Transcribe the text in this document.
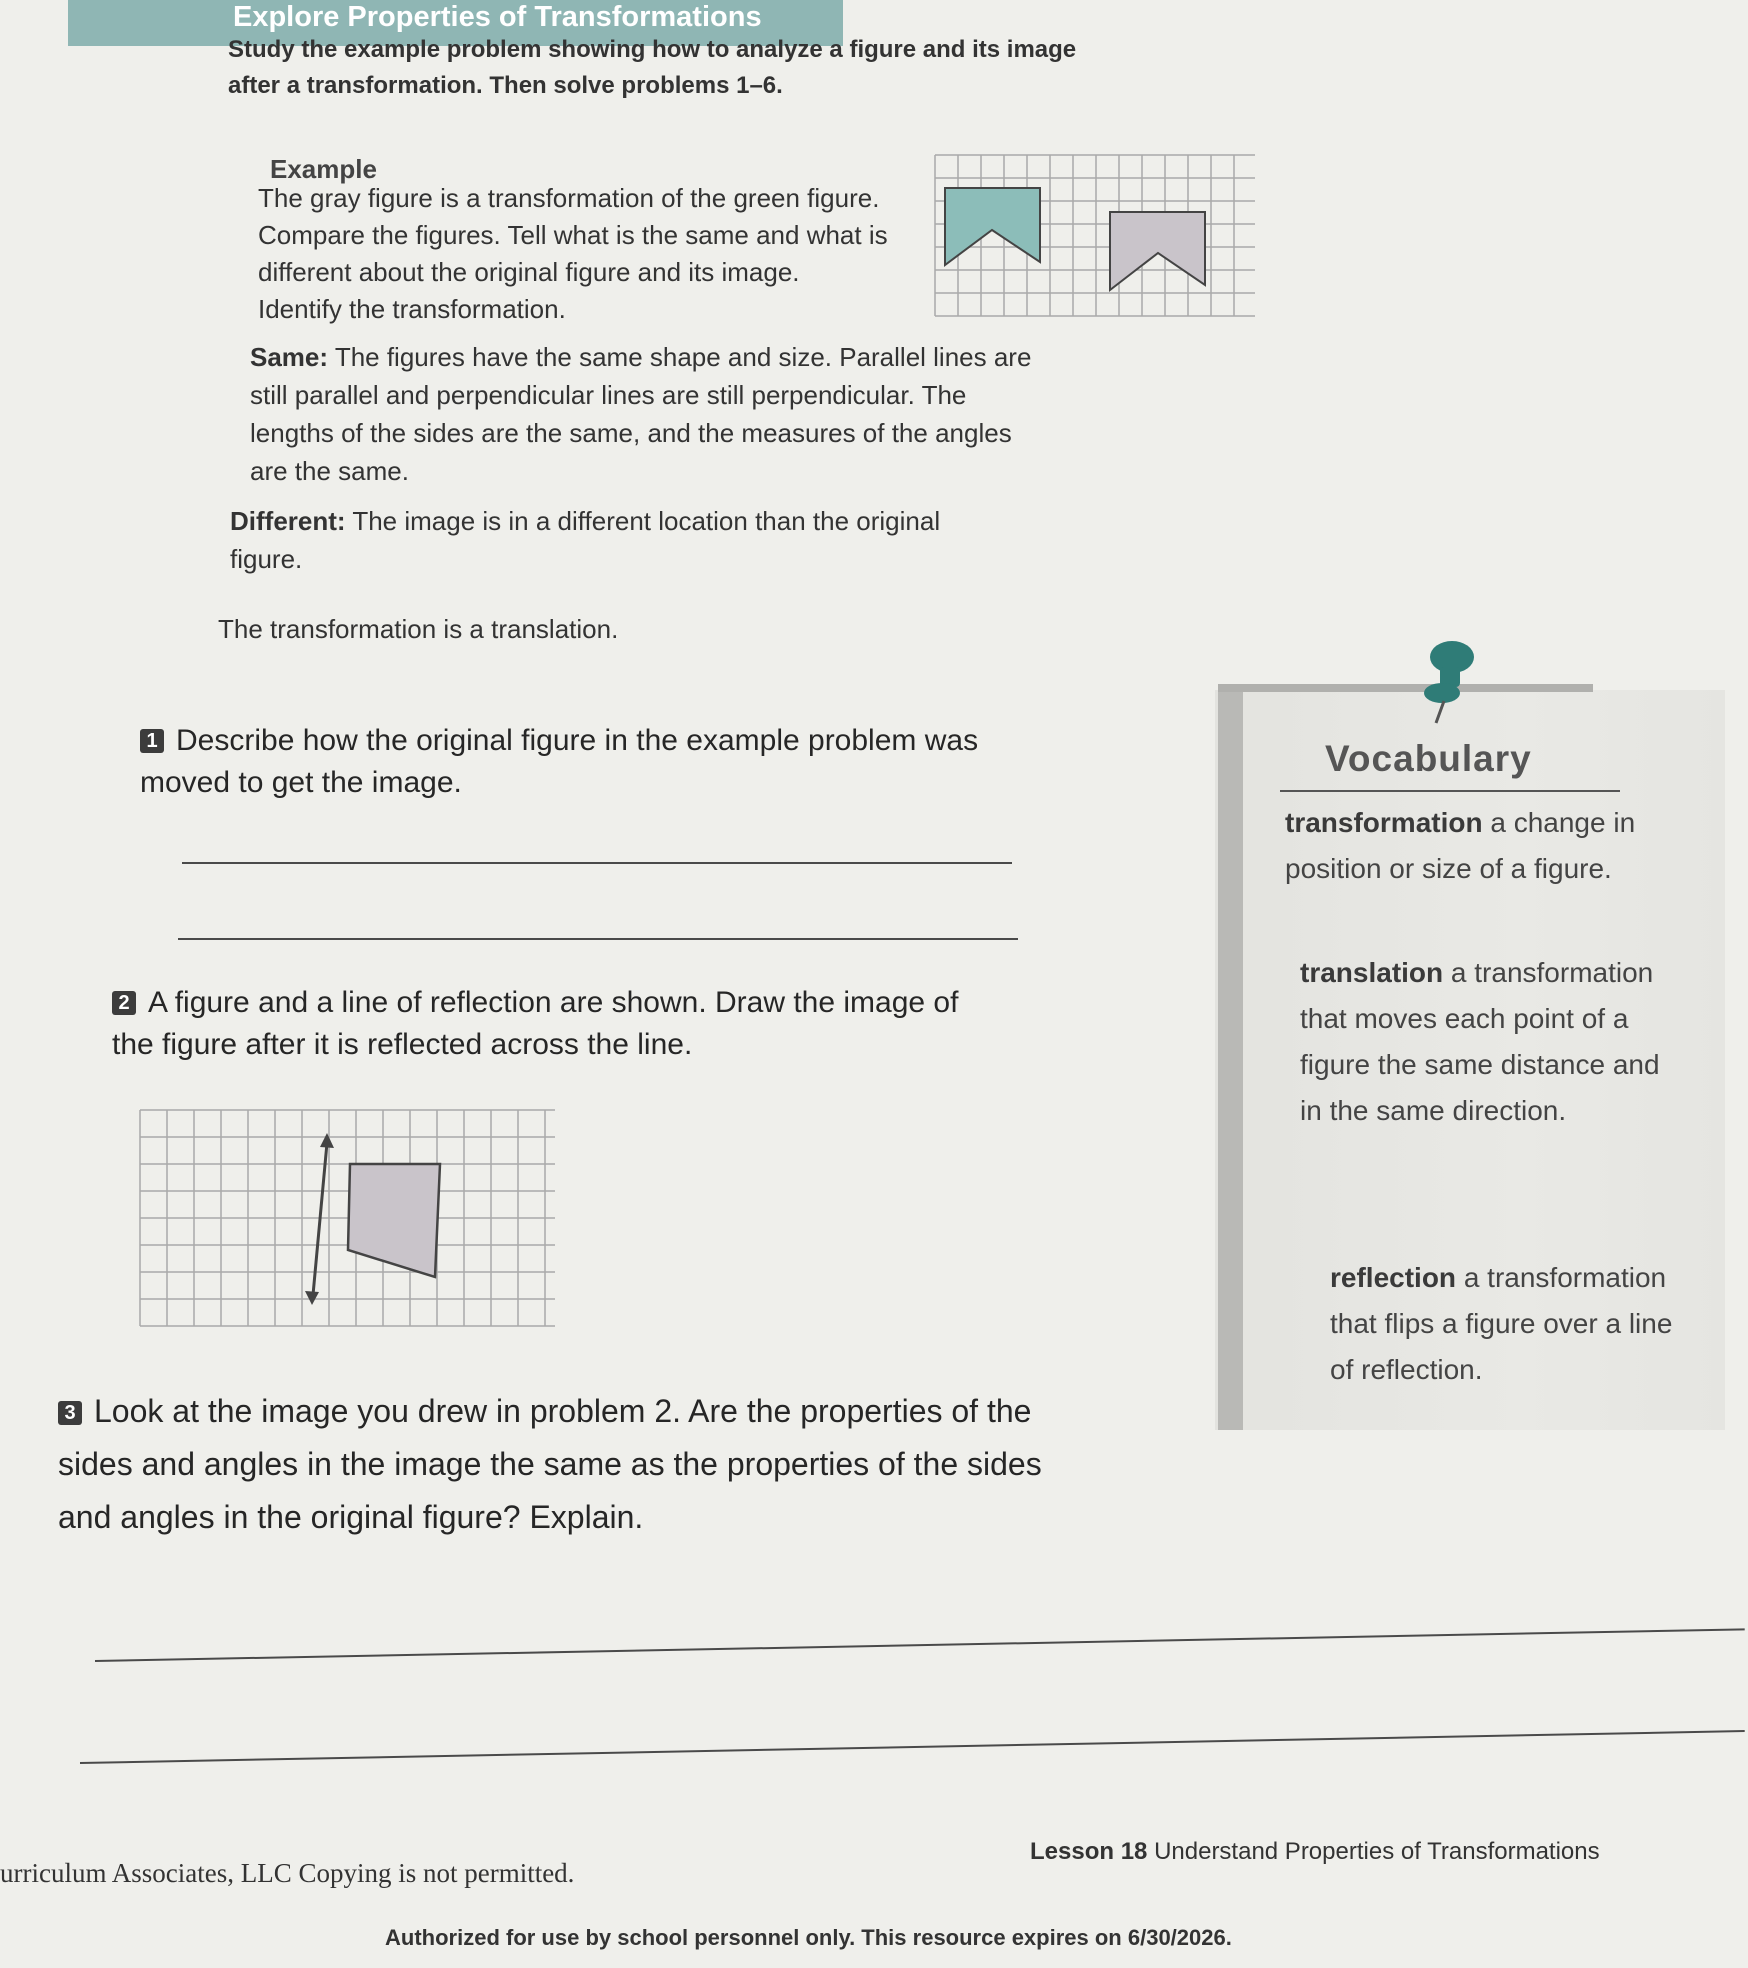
Explore Properties of Transformations
Study the example problem showing how to analyze a figure and its image after a transformation. Then solve problems 1–6.
Example
The gray figure is a transformation of the green figure. Compare the figures. Tell what is the same and what is different about the original figure and its image. Identify the transformation.
Same: The figures have the same shape and size. Parallel lines are still parallel and perpendicular lines are still perpendicular. The lengths of the sides are the same, and the measures of the angles are the same.
Different: The image is in a different location than the original figure.
The transformation is a translation.
1 Describe how the original figure in the example problem was moved to get the image.
2 A figure and a line of reflection are shown. Draw the image of the figure after it is reflected across the line.
3 Look at the image you drew in problem 2. Are the properties of the sides and angles in the image the same as the properties of the sides and angles in the original figure? Explain.
Vocabulary
transformation a change in position or size of a figure.
translation a transformation that moves each point of a figure the same distance and in the same direction.
reflection a transformation that flips a figure over a line of reflection.
urriculum Associates, LLC Copying is not permitted.
Lesson 18 Understand Properties of Transformations
Authorized for use by school personnel only. This resource expires on 6/30/2026.
